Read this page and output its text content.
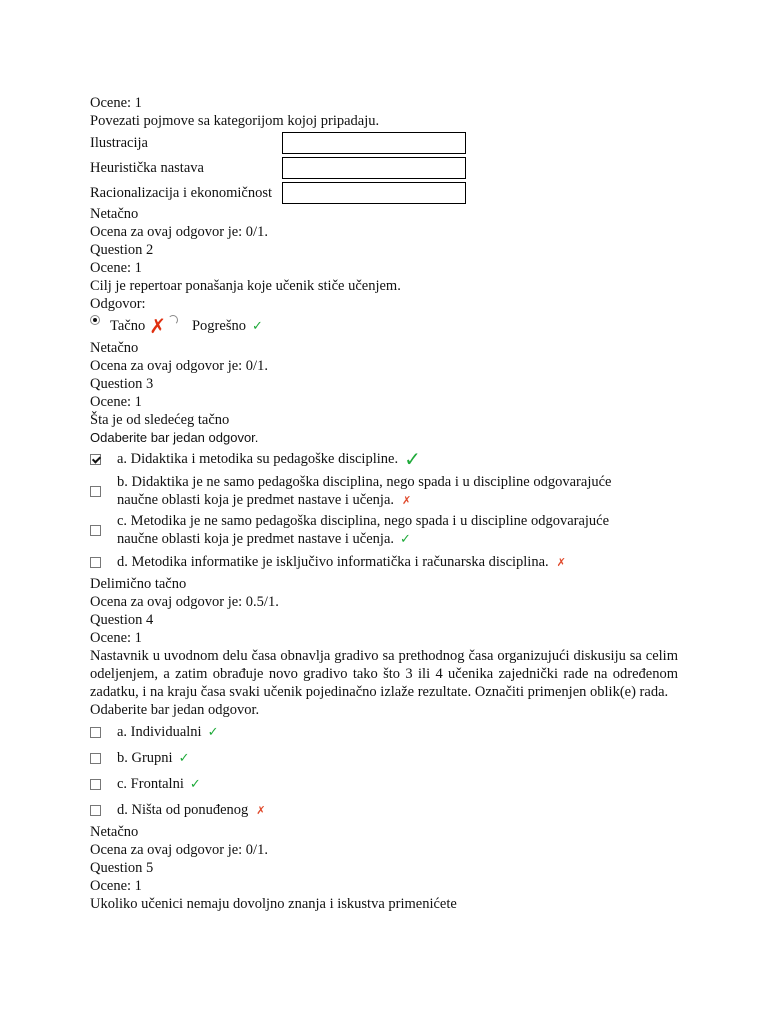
Ocene: 1
Povezati pojmove sa kategorijom kojoj pripadaju.
Ilustracija
Heuristička nastava
Racionalizacija i ekonomičnost
Netačno
Ocena za ovaj odgovor je: 0/1.
Question 2
Ocene: 1
Cilj je repertoar ponašanja koje učenik stiče učenjem.
Odgovor:
Tačno ✗ Pogrešno ✓
Netačno
Ocena za ovaj odgovor je: 0/1.
Question 3
Ocene: 1
Šta je od sledećeg tačno
Odaberite bar jedan odgovor.
a. Didaktika i metodika su pedagoške discipline. ✓
b. Didaktika je ne samo pedagoška disciplina, nego spada i u discipline odgovarajuće
naučne oblasti koja je predmet nastave i učenja. ✗
c. Metodika je ne samo pedagoška disciplina, nego spada i u discipline odgovarajuće
naučne oblasti koja je predmet nastave i učenja. ✓
d. Metodika informatike je isključivo informatička i računarska disciplina. ✗
Delimično tačno
Ocena za ovaj odgovor je: 0.5/1.
Question 4
Ocene: 1
Nastavnik u uvodnom delu časa obnavlja gradivo sa prethodnog časa organizujući diskusiju sa celim odeljenjem, a zatim obrađuje novo gradivo tako što 3 ili 4 učenika zajednički rade na određenom zadatku, i na kraju časa svaki učenik pojedinačno izlaže rezultate. Označiti primenjen oblik(e) rada.
Odaberite bar jedan odgovor.
a. Individualni ✓
b. Grupni ✓
c. Frontalni ✓
d. Ništa od ponuđenog ✗
Netačno
Ocena za ovaj odgovor je: 0/1.
Question 5
Ocene: 1
Ukoliko učenici nemaju dovoljno znanja i iskustva primenićete
